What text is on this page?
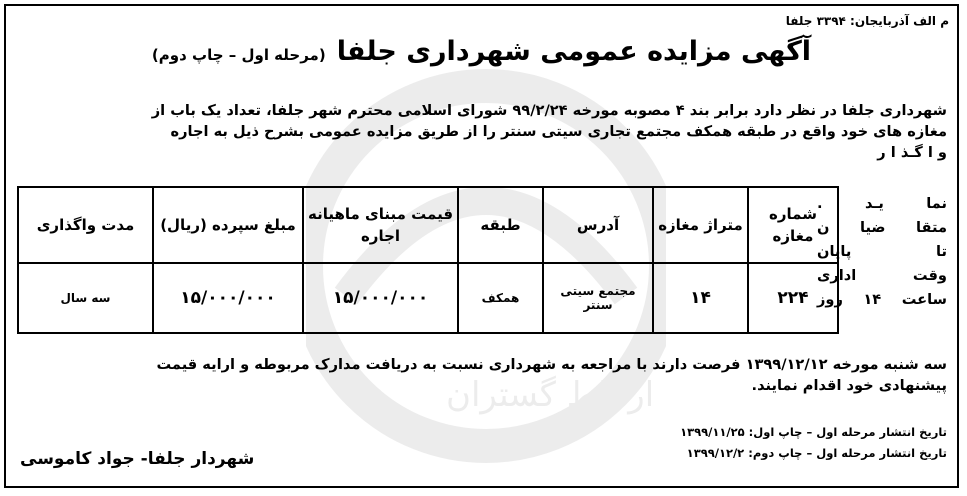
ارتباط گستران
م الف آذربایجان: ۳۳۹۴ جلفا
آگهی مزایده عمومی شهرداری جلفا (مرحله اول – چاپ دوم)
شهرداری جلفا در نظر دارد برابر بند ۴ مصوبه مورخه ۹۹/۲/۲۴ شورای اسلامی محترم شهر جلفا، تعداد یک باب از
مغازه های خود واقع در طبقه همکف مجتمع تجاری سیتی سنتر را از طریق مزایده عمومی بشرح ذیل به اجاره
و ا گـذ ا ر
نما یـد .
متقا ضیا ن
تا پایان
وقت اداری
ساعت ۱۴ روز
شماره مغازه	متراژ مغازه	آدرس	طبقه	قیمت مبنای ماهیانه اجاره	مبلغ سپرده (ریال)	مدت واگذاری
۲۲۴	۱۴	مجتمع سیتی سنتر	همکف	۱۵/۰۰۰/۰۰۰	۱۵/۰۰۰/۰۰۰	سه سال
سه شنبه مورخه ۱۳۹۹/۱۲/۱۲ فرصت دارند با مراجعه به شهرداری نسبت به دریافت مدارک مربوطه و ارایه قیمت
پیشنهادی خود اقدام نمایند.
تاریخ انتشار مرحله اول – چاپ اول: ۱۳۹۹/۱۱/۲۵
تاریخ انتشار مرحله اول – چاپ دوم: ۱۳۹۹/۱۲/۲
شهردار جلفا- جواد کاموسی
